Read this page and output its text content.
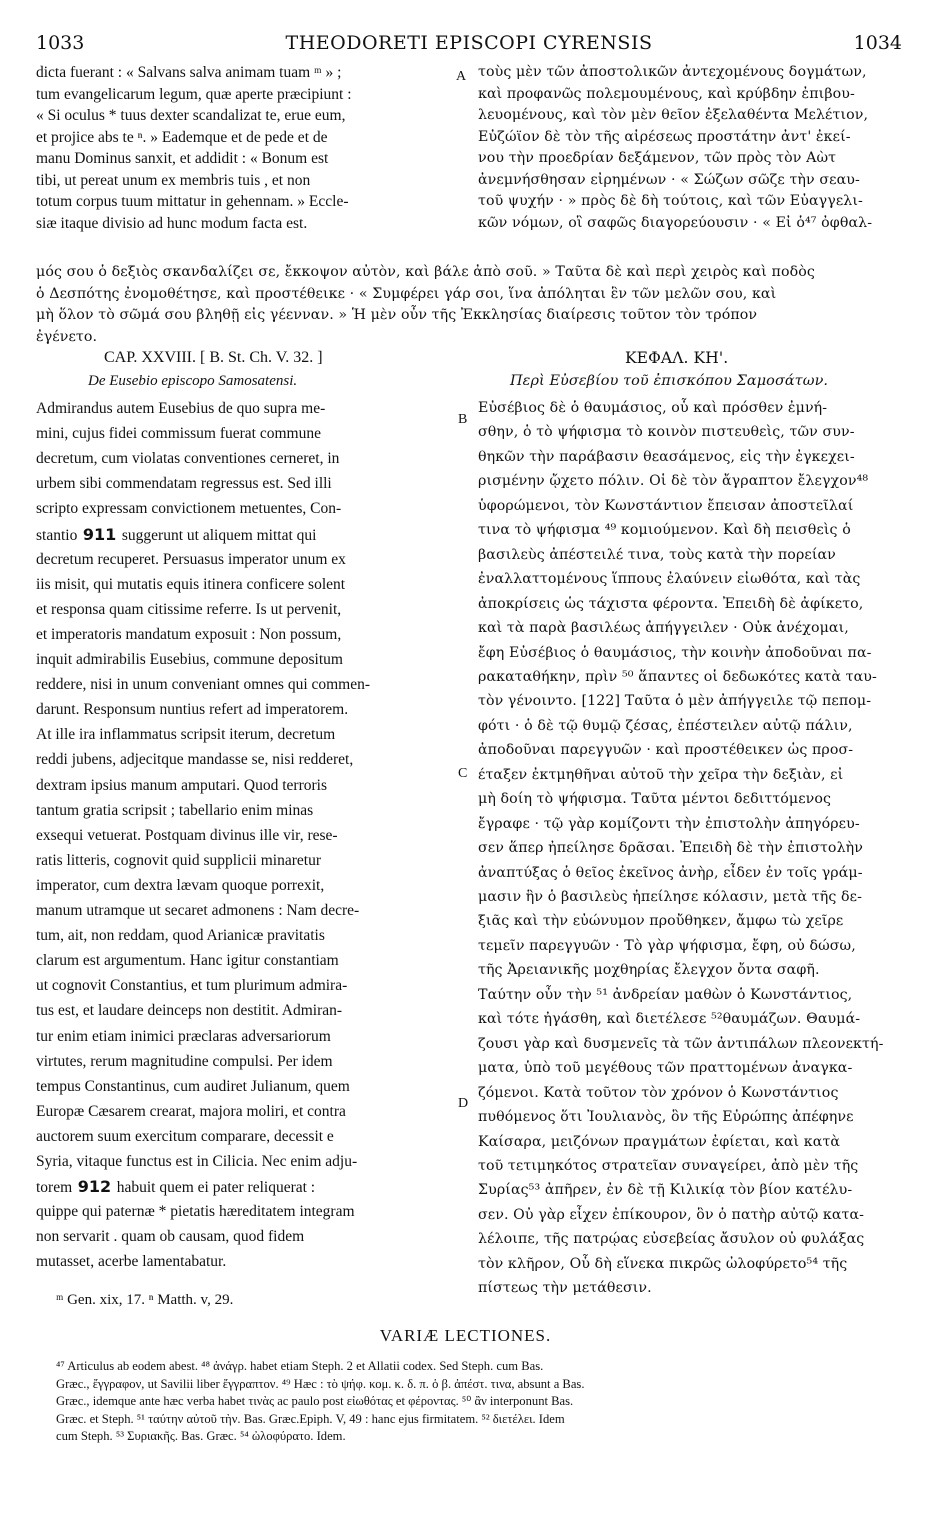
1033	THEODORETI EPISCOPI CYRENSIS	1034
dicta fuerant : « Salvans salva animam tuam ᵐ » ;
tum evangelicarum legum, quæ aperte præcipiunt :
« Si oculus * tuus dexter scandalizat te, erue eum,
et projice abs te ⁿ. » Eademque et de pede et de
manu Dominus sanxit, et addidit : « Bonum est
tibi, ut pereat unum ex membris tuis , et non
totum corpus tuum mittatur in gehennam. » Eccle-
siæ itaque divisio ad hunc modum facta est.
τοὺς μὲν τῶν ἀποστολικῶν ἀντεχομένους δογμάτων,
καὶ προφανῶς πολεμουμένους, καὶ κρύβδην ἐπιβου-
λευομένους, καὶ τὸν μὲν θεῖον ἐξελαθέντα Μελέτιον,
Εὐζώϊον δὲ τὸν τῆς αἱρέσεως προστάτην ἀντ' ἐκεί-
νου τὴν προεδρίαν δεξάμενον, τῶν πρὸς τὸν Αὼτ
ἀνεμνήσθησαν εἰρημένων · « Σώζων σῶζε τὴν σεαυ-
τοῦ ψυχήν · » πρὸς δὲ δὴ τούτοις, καὶ τῶν Εὐαγγελι-
κῶν νόμων, οἳ σαφῶς διαγορεύουσιν · « Εἰ ὁ⁴⁷ ὀφθαλ-
μός σου ὁ δεξιὸς σκανδαλίζει σε, ἔκκοψον αὐτὸν, καὶ βάλε ἀπὸ σοῦ. » Ταῦτα δὲ καὶ περὶ χειρὸς καὶ ποδὸς
ὁ Δεσπότης ἐνομοθέτησε, καὶ προστέθεικε · « Συμφέρει γάρ σοι, ἵνα ἀπόληται ἓν τῶν μελῶν σου, καὶ
μὴ ὅλον τὸ σῶμά σου βληθῇ εἰς γέενναν. » Ἡ μὲν οὖν τῆς Ἐκκλησίας διαίρεσις τοῦτον τὸν τρόπον
ἐγένετο.
CAP. XXVIII. [ B. St. Ch. V. 32. ]
De Eusebio episcopo Samosatensi.
ΚΕΦΑΛ. ΚΗ'.
Περὶ Εὐσεβίου τοῦ ἐπισκόπου Σαμοσάτων.
Admirandus autem Eusebius de quo supra me-
mini, cujus fidei commissum fuerat commune
decretum, cum violatas conventiones cerneret, in
urbem sibi commendatam regressus est. Sed illi
scripto expressam convictionem metuentes, Con-
stantio 911 suggerunt ut aliquem mittat qui
decretum recuperet. Persuasus imperator unum ex
iis misit, qui mutatis equis itinera conficere solent
et responsa quam citissime referre. Is ut pervenit,
et imperatoris mandatum exposuit : Non possum,
inquit admirabilis Eusebius, commune depositum
reddere, nisi in unum conveniant omnes qui commen-
darunt. Responsum nuntius refert ad imperatorem.
At ille ira inflammatus scripsit iterum, decretum
reddi jubens, adjecitque mandasse se, nisi redderet,
dextram ipsius manum amputari. Quod terroris
tantum gratia scripsit ; tabellario enim minas
exsequi vetuerat. Postquam divinus ille vir, rese-
ratis litteris, cognovit quid supplicii minaretur
imperator, cum dextra lævam quoque porrexit,
manum utramque ut secaret admonens : Nam decre-
tum, ait, non reddam, quod Arianicæ pravitatis
clarum est argumentum. Hanc igitur constantiam
ut cognovit Constantius, et tum plurimum admira-
tus est, et laudare deinceps non destitit. Admiran-
tur enim etiam inimici præclaras adversariorum
virtutes, rerum magnitudine compulsi. Per idem
tempus Constantinus, cum audiret Julianum, quem
Europæ Cæsarem crearat, majora moliri, et contra
auctorem suum exercitum comparare, decessit e
Syria, vitaque functus est in Cilicia. Nec enim adju-
torem 912 habuit quem ei pater reliquerat :
quippe qui paternæ * pietatis hæreditatem integram
non servarit . quam ob causam, quod fidem
mutasset, acerbe lamentabatur.
Εὐσέβιος δὲ ὁ θαυμάσιος, οὗ καὶ πρόσθεν ἐμνή-
σθην, ὁ τὸ ψήφισμα τὸ κοινὸν πιστευθεὶς, τῶν συν-
θηκῶν τὴν παράβασιν θεασάμενος, εἰς τὴν ἐγκεχει-
ρισμένην ᾤχετο πόλιν. Οἱ δὲ τὸν ἄγραπτον ἔλεγχον⁴⁸
ὑφορώμενοι, τὸν Κωνστάντιον ἔπεισαν ἀποστεῖλαί
τινα τὸ ψήφισμα ⁴⁹ κομιούμενον. Καὶ δὴ πεισθεὶς ὁ
βασιλεὺς ἀπέστειλέ τινα, τοὺς κατὰ τὴν πορείαν
ἐναλλαττομένους ἵππους ἐλαύνειν εἰωθότα, καὶ τὰς
ἀποκρίσεις ὡς τάχιστα φέροντα. Ἐπειδὴ δὲ ἀφίκετο,
καὶ τὰ παρὰ βασιλέως ἀπήγγειλεν · Οὐκ ἀνέχομαι,
ἔφη Εὐσέβιος ὁ θαυμάσιος, τὴν κοινὴν ἀποδοῦναι πα-
ρακαταθήκην, πρὶν ⁵⁰ ἅπαντες οἱ δεδωκότες κατὰ ταυ-
τὸν γένοιντο. [122] Ταῦτα ὁ μὲν ἀπήγγειλε τῷ πεπομ-
φότι · ὁ δὲ τῷ θυμῷ ζέσας, ἐπέστειλεν αὐτῷ πάλιν,
ἀποδοῦναι παρεγγυῶν · καὶ προστέθεικεν ὡς προσ-
έταξεν ἐκτμηθῆναι αὐτοῦ τὴν χεῖρα τὴν δεξιὰν, εἰ
μὴ δοίη τὸ ψήφισμα. Ταῦτα μέντοι δεδιττόμενος
ἔγραφε · τῷ γὰρ κομίζοντι τὴν ἐπιστολὴν ἀπηγόρευ-
σεν ἅπερ ἠπείλησε δρᾶσαι. Ἐπειδὴ δὲ τὴν ἐπιστολὴν
ἀναπτύξας ὁ θεῖος ἐκεῖνος ἀνὴρ, εἶδεν ἐν τοῖς γράμ-
μασιν ἣν ὁ βασιλεὺς ἠπείλησε κόλασιν, μετὰ τῆς δε-
ξιᾶς καὶ τὴν εὐώνυμον προὔθηκεν, ἄμφω τὼ χεῖρε
τεμεῖν παρεγγυῶν · Τὸ γὰρ ψήφισμα, ἔφη, οὐ δώσω,
τῆς Ἀρειανικῆς μοχθηρίας ἔλεγχον ὄντα σαφῆ.
Ταύτην οὖν τὴν ⁵¹ ἀνδρείαν μαθὼν ὁ Κωνστάντιος,
καὶ τότε ἠγάσθη, καὶ διετέλεσε ⁵²θαυμάζων. Θαυμά-
ζουσι γὰρ καὶ δυσμενεῖς τὰ τῶν ἀντιπάλων πλεονεκτή-
ματα, ὑπὸ τοῦ μεγέθους τῶν πραττομένων ἀναγκα-
ζόμενοι. Κατὰ τοῦτον τὸν χρόνον ὁ Κωνστάντιος
πυθόμενος ὅτι Ἰουλιανὸς, ὃν τῆς Εὐρώπης ἀπέφηνε
Καίσαρα, μειζόνων πραγμάτων ἐφίεται, καὶ κατὰ
τοῦ τετιμηκότος στρατεῖαν συναγείρει, ἀπὸ μὲν τῆς
Συρίας⁵³ ἀπῆρεν, ἐν δὲ τῇ Κιλικίᾳ τὸν βίον κατέλυ-
σεν. Οὐ γὰρ εἶχεν ἐπίκουρον, ὃν ὁ πατὴρ αὐτῷ κατα-
λέλοιπε, τῆς πατρῴας εὐσεβείας ἄσυλον οὐ φυλάξας
τὸν κλῆρον, Οὗ δὴ εἵνεκα πικρῶς ὠλοφύρετο⁵⁴ τῆς
πίστεως τὴν μετάθεσιν.
A
B
C
D
ᵐ Gen. xix, 17. ⁿ Matth. v, 29.
VARIÆ LECTIONES.
⁴⁷ Articulus ab eodem abest. ⁴⁸ ἀνάγρ. habet etiam Steph. 2 et Allatii codex. Sed Steph. cum Bas.
Græc., ἔγγραφον, ut Savilii liber ἔγγραπτον. ⁴⁹ Hæc : τὸ ψήφ. κομ. κ. δ. π. ὁ β. ἀπέστ. τινα, absunt a Bas.
Græc., idemque ante hæc verba habet τινὰς ac paulo post εἰωθότας et φέροντας. ⁵⁰ ἂν interponunt Bas.
Græc. et Steph. ⁵¹ ταύτην αὐτοῦ τὴν. Bas. Græc.Epiph. V, 49 : hanc ejus firmitatem. ⁵² διετέλει. Idem
cum Steph. ⁵³ Συριακῆς. Bas. Græc. ⁵⁴ ὠλοφύρατο. Idem.
